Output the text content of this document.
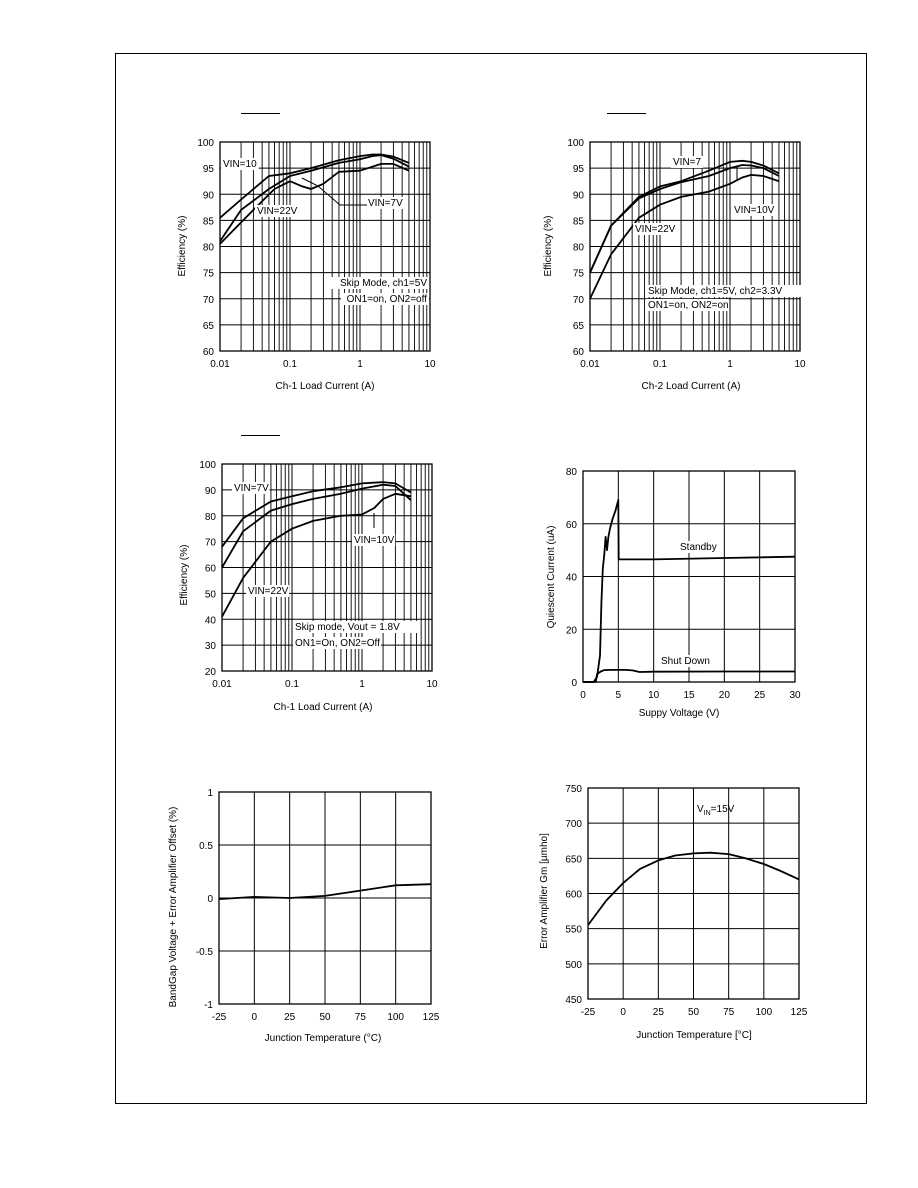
0.01	0.1	1	10
60
65
70
75
80
85
90
95
100
Ch-1 Load Current (A)
Efficiency (%)
VIN=10
VIN=22V
VIN=7V
Skip Mode, ch1=5V
ON1=on, ON2=off
0.01	0.1	1	10
60
65
70
75
80
85
90
95
100
Ch-2 Load Current (A)
Efficiency (%)
VIN=7
VIN=22V
VIN=10V
Skip Mode, ch1=5V, ch2=3.3V
ON1=on, ON2=on
0.01	0.1	1	10
20
30
40
50
60
70
80
90
100
Ch-1 Load Current (A)
Efficiency (%)
VIN=7V
VIN=10V
VIN=22V
Skip mode, Vout = 1.8V
ON1=On, ON2=Off
0	5	10 15 20 25 30
0
20
40
60
80
Suppy Voltage (V)
Quiescent Current (uA)	Standby
Shut Down
-25	0	25 50 75 100 125
-1
-0.5
0
0.5
1
Junction Temperature (°C)
BandGap Voltage + Error Amplifier Offset (%)
-25	0	25 50 75 100 125
450
500
550
600
650
700
750
Junction Temperature [°C]
Error Amplifier Gm [µmho]
$V_{IN}=15V$
